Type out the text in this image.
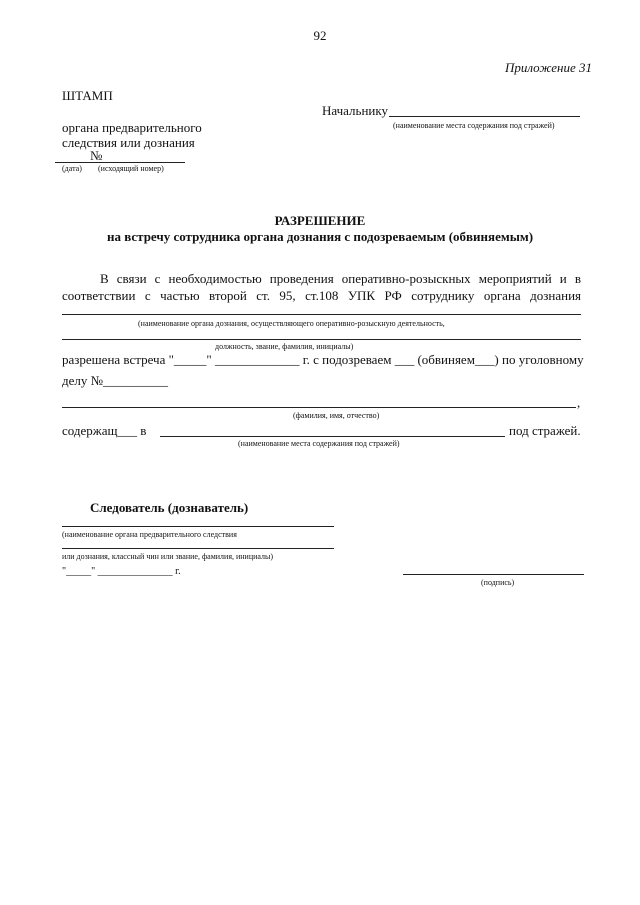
92
Приложение 31
ШТАМП
органа предварительного
следствия или дознания
№
(дата) (исходящий номер)
Начальнику
(наименование места содержания под стражей)
РАЗРЕШЕНИЕ
на встречу сотрудника органа дознания с подозреваемым (обвиняемым)
В связи с необходимостью проведения оперативно-розыскных мероприятий и в
соответствии с частью второй ст. 95, ст.108 УПК РФ сотруднику органа дознания
(наименование органа дознания, осуществляющего оперативно-розыскную деятельность,
должность, звание, фамилия, инициалы)
разрешена встреча "_____" _____________ г. с подозреваем ___ (обвиняем___) по уголовному
делу №__________
,
(фамилия, имя, отчество)
содержащ___ в	под стражей.
(наименование места содержания под стражей)
Следователь (дознаватель)
(наименование органа предварительного следствия
или дознания, классный чин или звание, фамилия, инициалы)
"_____" _______________ г.
(подпись)
